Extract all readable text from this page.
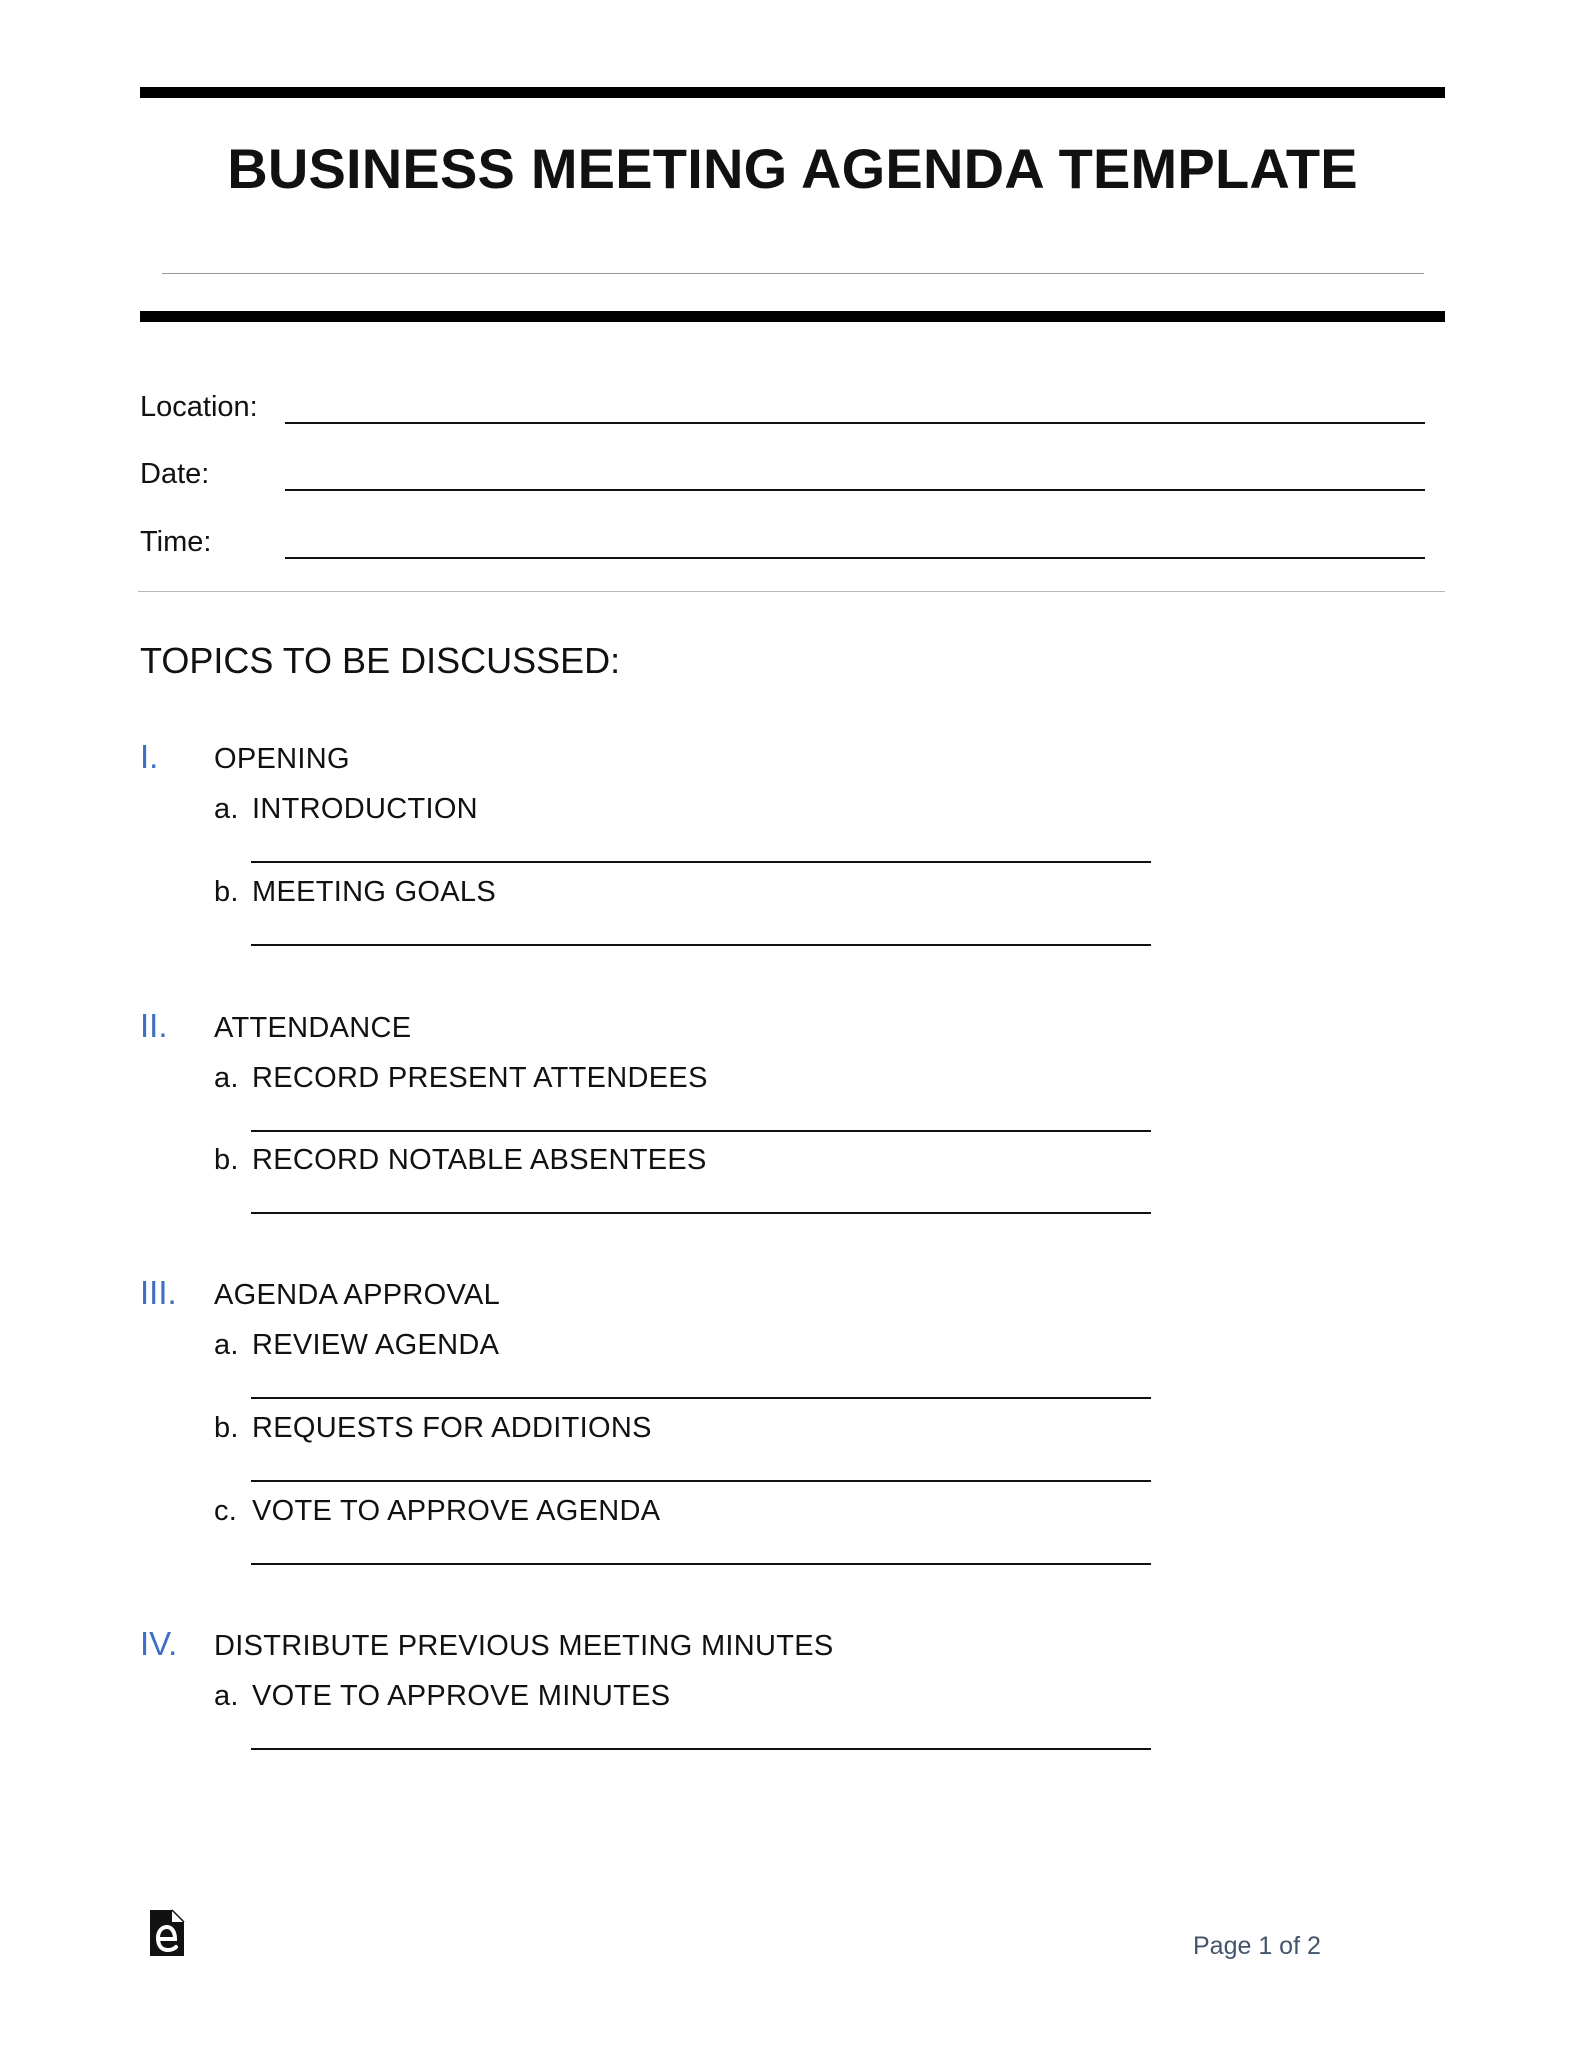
BUSINESS MEETING AGENDA TEMPLATE
Location:
Date:
Time:
TOPICS TO BE DISCUSSED:
I. OPENING
a. INTRODUCTION
b. MEETING GOALS
II. ATTENDANCE
a. RECORD PRESENT ATTENDEES
b. RECORD NOTABLE ABSENTEES
III. AGENDA APPROVAL
a. REVIEW AGENDA
b. REQUESTS FOR ADDITIONS
c. VOTE TO APPROVE AGENDA
IV. DISTRIBUTE PREVIOUS MEETING MINUTES
a. VOTE TO APPROVE MINUTES
Page 1 of 2
